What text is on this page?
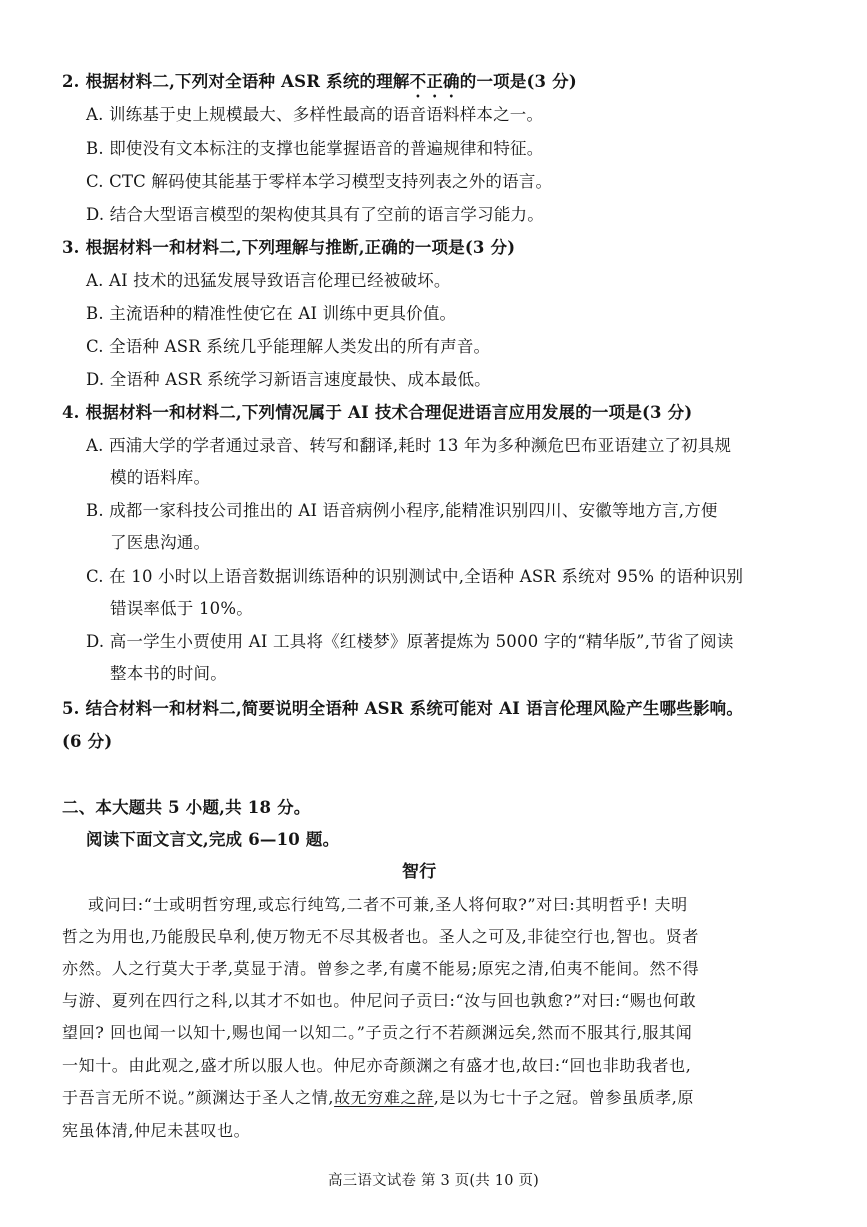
2. 根据材料二,下列对全语种 ASR 系统的理解不正确的一项是(3 分)
A. 训练基于史上规模最大、多样性最高的语音语料样本之一。
B. 即使没有文本标注的支撑也能掌握语音的普遍规律和特征。
C. CTC 解码使其能基于零样本学习模型支持列表之外的语言。
D. 结合大型语言模型的架构使其具有了空前的语言学习能力。
3. 根据材料一和材料二,下列理解与推断,正确的一项是(3 分)
A. AI 技术的迅猛发展导致语言伦理已经被破坏。
B. 主流语种的精准性使它在 AI 训练中更具价值。
C. 全语种 ASR 系统几乎能理解人类发出的所有声音。
D. 全语种 ASR 系统学习新语言速度最快、成本最低。
4. 根据材料一和材料二,下列情况属于 AI 技术合理促进语言应用发展的一项是(3 分)
A. 西浦大学的学者通过录音、转写和翻译,耗时 13 年为多种濒危巴布亚语建立了初具规
模的语料库。
B. 成都一家科技公司推出的 AI 语音病例小程序,能精准识别四川、安徽等地方言,方便
了医患沟通。
C. 在 10 小时以上语音数据训练语种的识别测试中,全语种 ASR 系统对 95% 的语种识别
错误率低于 10%。
D. 高一学生小贾使用 AI 工具将《红楼梦》原著提炼为 5000 字的“精华版”,节省了阅读
整本书的时间。
5. 结合材料一和材料二,简要说明全语种 ASR 系统可能对 AI 语言伦理风险产生哪些影响。
(6 分)
二、本大题共 5 小题,共 18 分。
阅读下面文言文,完成 6—10 题。
智行
或问曰:“士或明哲穷理,或忘行纯笃,二者不可兼,圣人将何取?”对曰:其明哲乎! 夫明
哲之为用也,乃能殷民阜利,使万物无不尽其极者也。圣人之可及,非徒空行也,智也。贤者
亦然。人之行莫大于孝,莫显于清。曾参之孝,有虞不能易;原宪之清,伯夷不能间。然不得
与游、夏列在四行之科,以其才不如也。仲尼问子贡曰:“汝与回也孰愈?”对曰:“赐也何敢
望回? 回也闻一以知十,赐也闻一以知二。”子贡之行不若颜渊远矣,然而不服其行,服其闻
一知十。由此观之,盛才所以服人也。仲尼亦奇颜渊之有盛才也,故曰:“回也非助我者也,
于吾言无所不说。”颜渊达于圣人之情,故无穷难之辞,是以为七十子之冠。曾参虽质孝,原
宪虽体清,仲尼未甚叹也。
高三语文试卷 第 3 页(共 10 页)
